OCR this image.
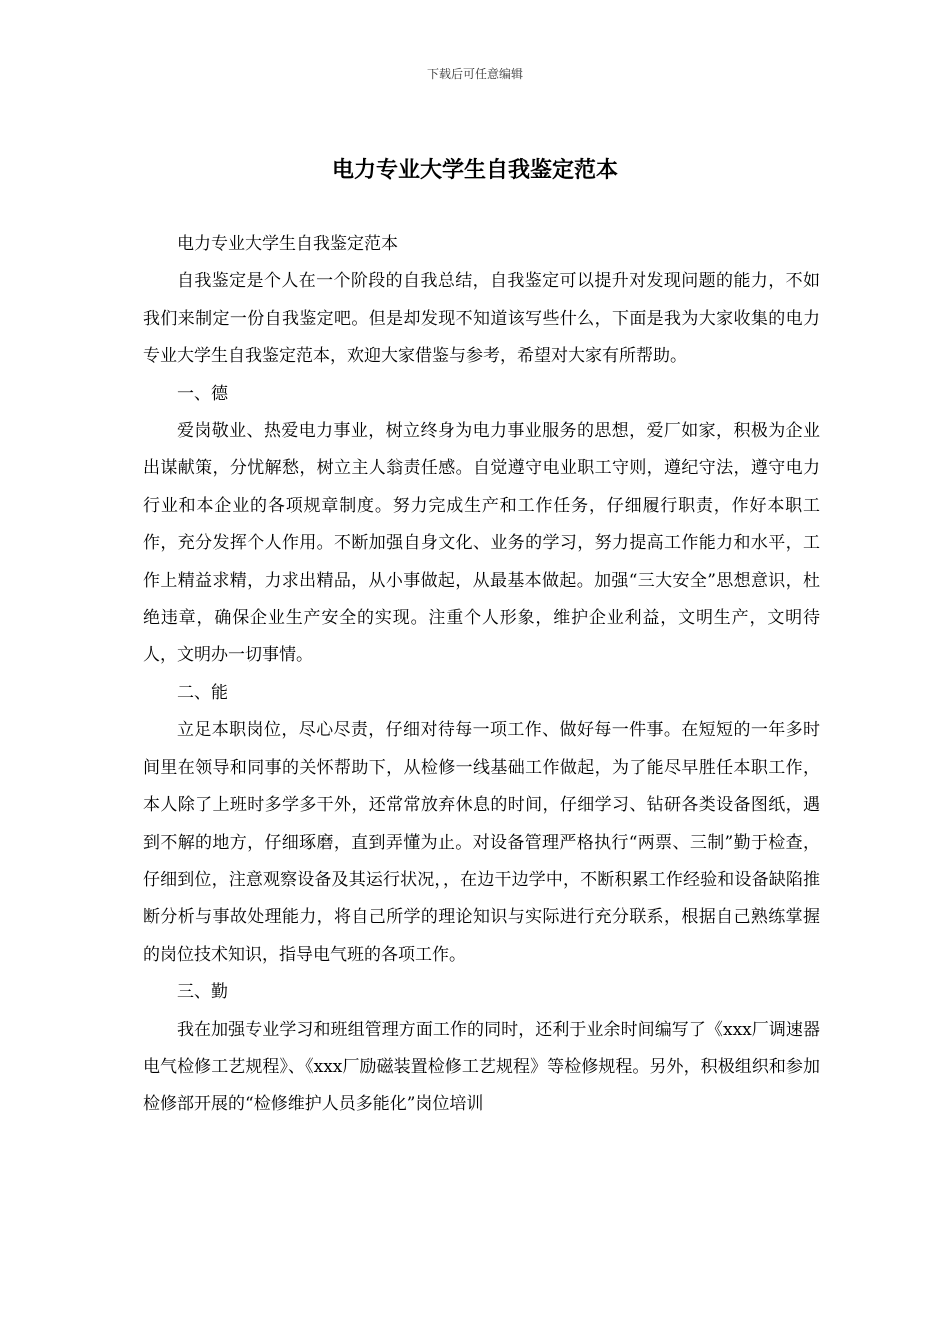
下载后可任意编辑
电力专业大学生自我鉴定范本

电力专业大学生自我鉴定范本

自我鉴定是个人在一个阶段的自我总结，自我鉴定可以提升对发现问题的能力，不如我们来制定一份自我鉴定吧。但是却发现不知道该写些什么，下面是我为大家收集的电力专业大学生自我鉴定范本，欢迎大家借鉴与参考，希望对大家有所帮助。

一、德

爱岗敬业、热爱电力事业，树立终身为电力事业服务的思想，爱厂如家，积极为企业出谋献策，分忧解愁，树立主人翁责任感。自觉遵守电业职工守则，遵纪守法，遵守电力行业和本企业的各项规章制度。努力完成生产和工作任务，仔细履行职责，作好本职工作，充分发挥个人作用。不断加强自身文化、业务的学习，努力提高工作能力和水平，工作上精益求精，力求出精品，从小事做起，从最基本做起。加强“三大安全”思想意识，杜绝违章，确保企业生产安全的实现。注重个人形象，维护企业利益，文明生产，文明待人，文明办一切事情。

二、能

立足本职岗位，尽心尽责，仔细对待每一项工作、做好每一件事。在短短的一年多时间里在领导和同事的关怀帮助下，从检修一线基础工作做起，为了能尽早胜任本职工作，本人除了上班时多学多干外，还常常放弃休息的时间，仔细学习、钻研各类设备图纸，遇到不解的地方，仔细琢磨，直到弄懂为止。对设备管理严格执行“两票、三制”勤于检查，仔细到位，注意观察设备及其运行状况，，在边干边学中，不断积累工作经验和设备缺陷推断分析与事故处理能力，将自己所学的理论知识与实际进行充分联系，根据自己熟练掌握的岗位技术知识，指导电气班的各项工作。

三、勤

我在加强专业学习和班组管理方面工作的同时，还利于业余时间编写了《xxx厂调速器电气检修工艺规程》、《xxx厂励磁装置检修工艺规程》等检修规程。另外，积极组织和参加检修部开展的“检修维护人员多能化”岗位培训
